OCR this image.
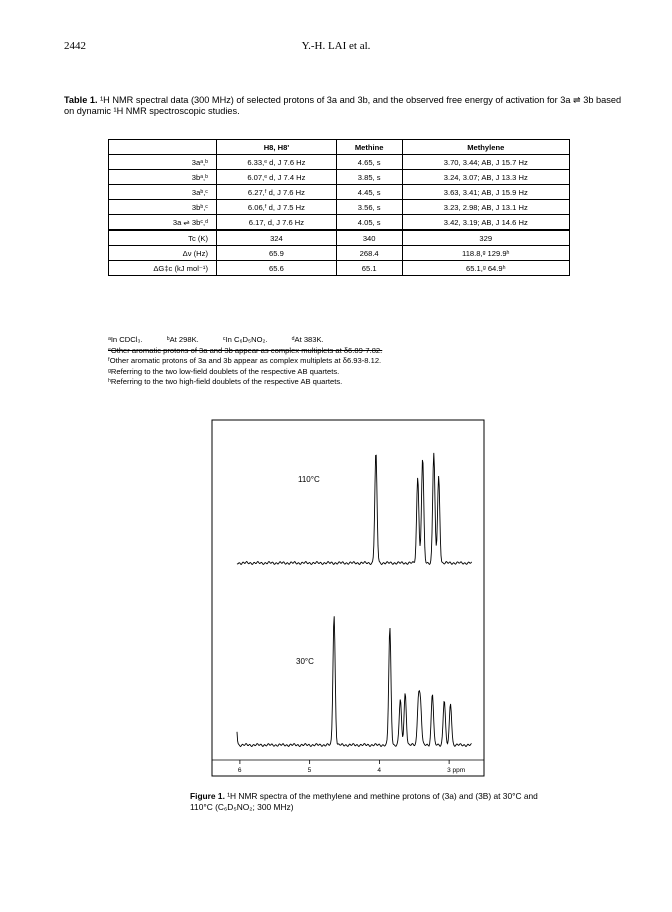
2442	Y.-H. LAI et al.
Table 1. ¹H NMR spectral data (300 MHz) of selected protons of 3a and 3b, and the observed free energy of activation for 3a ⇌ 3b based on dynamic ¹H NMR spectroscopic studies.
	H8, H8'	Methine	Methylene
3aᵃ,ᵇ	6.33,ᵉ d, J 7.6 Hz	4.65, s	3.70, 3.44; AB, J 15.7 Hz
3bᵃ,ᵇ	6.07,ᵉ d, J 7.4 Hz	3.85, s	3.24, 3.07; AB, J 13.3 Hz
3aᵇ,ᶜ	6.27,ᶠ d, J 7.6 Hz	4.45, s	3.63, 3.41; AB, J 15.9 Hz
3bᵇ,ᶜ	6.06,ᶠ d, J 7.5 Hz	3.56, s	3.23, 2.98; AB, J 13.1 Hz
3a ⇌ 3bᶜ,ᵈ	6.17, d, J 7.6 Hz	4.05, s	3.42, 3.19; AB, J 14.6 Hz
Tc (K)	324	340	329
Δν (Hz)	65.9	268.4	118.8,ᵍ 129.9ʰ
ΔG‡c (kJ mol⁻¹)	65.6	65.1	65.1,ᵍ 64.9ʰ
ᵃIn CDCl₃.	ᵇAt 298K.	ᶜIn C₆D₅NO₂.	ᵈAt 383K.
ᵉOther aromatic protons of 3a and 3b appear as complex multiplets at δ6.89-7.82.
ᶠOther aromatic protons of 3a and 3b appear as complex multiplets at δ6.93-8.12.
ᵍReferring to the two low-field doublets of the respective AB quartets.
ʰReferring to the two high-field doublets of the respective AB quartets.
110°C
30°C
6	5	4	3 ppm
Figure 1. ¹H NMR spectra of the methylene and methine protons of (3a) and (3B) at 30°C and 110°C (C₆D₅NO₂; 300 MHz)
